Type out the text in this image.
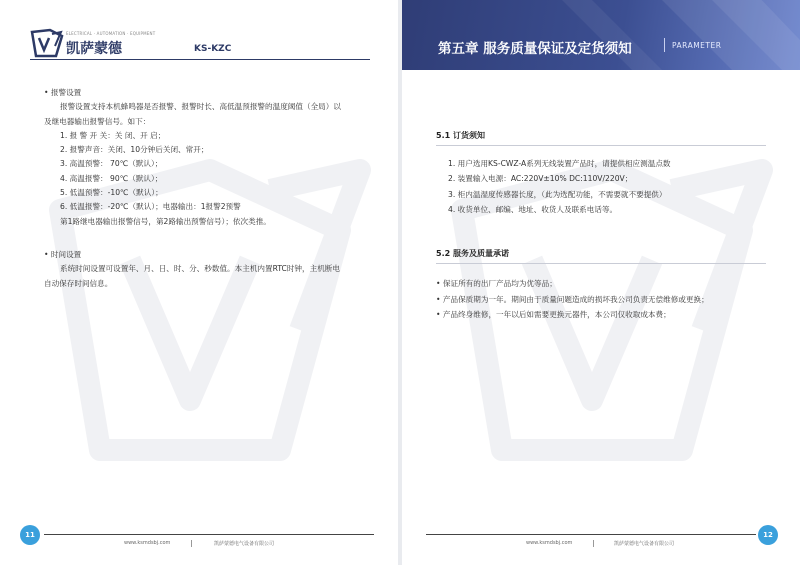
ELECTRICAL · AUTOMATION · EQUIPMENT
凯萨蒙德	KS-KZC
• 报警设置
报警设置支持本机蜂鸣器是否报警、报警时长、高低温预报警的温度阈值（全局）以
及继电器输出报警信号。如下：
1. 报 警 开 关：关 闭、开 启；
2. 报警声音：关闭、10分钟后关闭、常开；
3. 高温预警： 70℃（默认）；
4. 高温报警： 90℃（默认）；
5. 低温预警：-10℃（默认）；
6. 低温报警：-20℃（默认）；电器输出：1报警2预警
第1路继电器输出报警信号，第2路输出预警信号）；依次类推。
• 时间设置
系统时间设置可设置年、月、日、时、分、秒数值。本主机内置RTC时钟，主机断电
自动保存时间信息。
11
www.ksmdsbj.com	凯萨蒙德电气设备有限公司
第五章 服务质量保证及定货须知	PARAMETER
5.1 订货须知
1. 用户选用KS-CWZ-A系列无线装置产品时，请提供相应测温点数
2. 装置输入电源：AC:220V±10% DC:110V/220V；
3. 柜内温湿度传感器长度，（此为选配功能，不需要就不要提供）
4. 收货单位、邮编、地址、收货人及联系电话等。
5.2 服务及质量承诺
• 保证所有的出厂产品均为优等品；
• 产品保质期为一年。期间由于质量问题造成的损坏我公司负责无偿维修或更换；
• 产品终身维修，一年以后如需要更换元器件，本公司仅收取成本费；
12
www.ksmdsbj.com	凯萨蒙德电气设备有限公司
